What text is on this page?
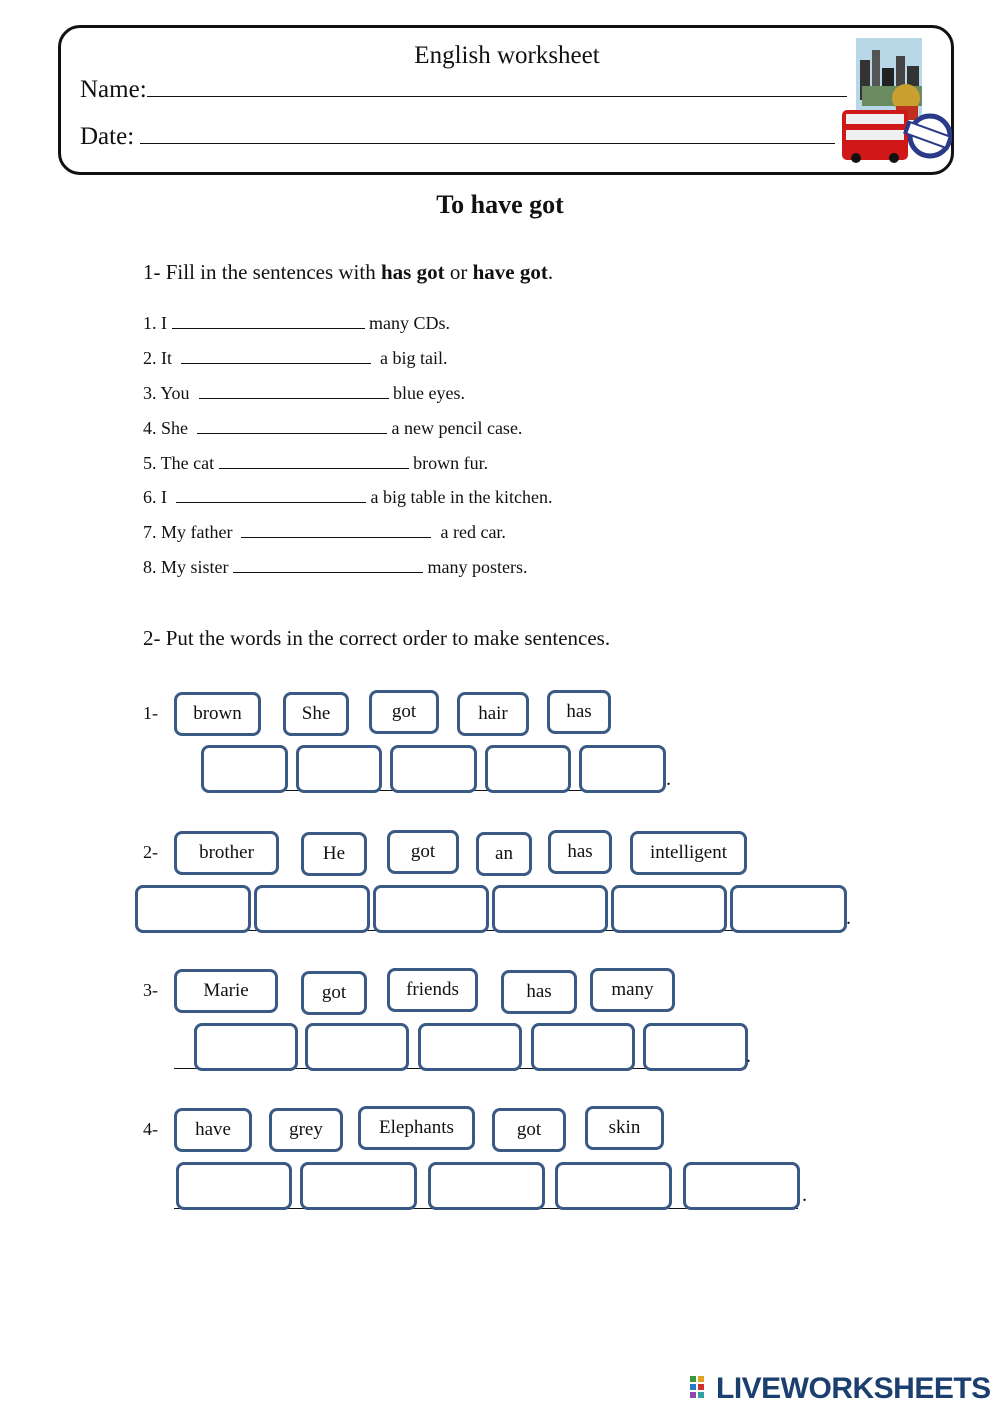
English worksheet
Name:
Date:
To have got
1- Fill in the sentences with has got or have got.
1. I	many CDs.
2. It	a big tail.
3. You	blue eyes.
4. She	a new pencil case.
5. The cat	brown fur.
6. I	a big table in the kitchen.
7. My father	a red car.
8. My sister	many posters.
2- Put the words in the correct order to make sentences.
1-	brown	She	got	hair	has
.
2-	brother	He	got	an	has	intelligent
.
3-	Marie	got	friends	has	many
.
4-	have	grey	Elephants	got	skin
.
LIVEWORKSHEETS
